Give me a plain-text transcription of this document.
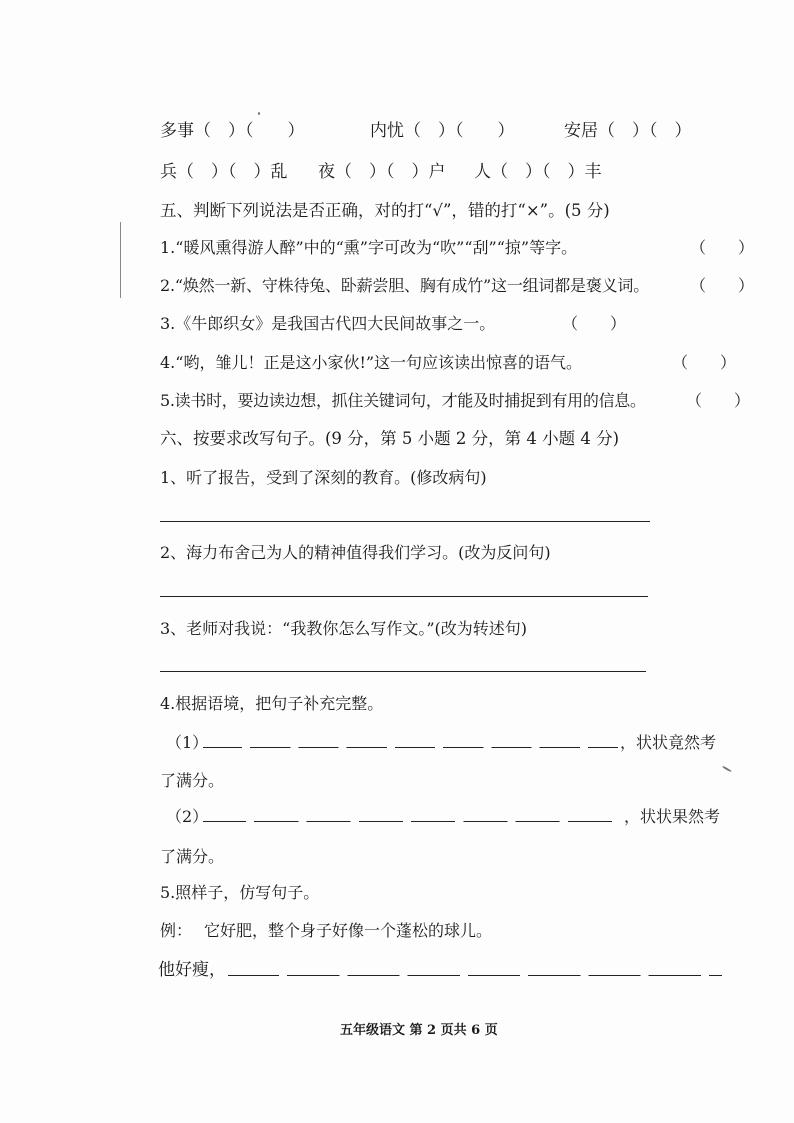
多事（　）（　　）	内忧（　）（　　）	安居（　）（　）
兵（　）（　）乱 夜（　）（　）户 人（　）（　）丰
五、判断下列说法是否正确，对的打“√”，错的打“×”。(5 分)
1.“暖风熏得游人醉”中的“熏”字可改为“吹”“刮”“掠”等字。	（　　）
2.“焕然一新、守株待兔、卧薪尝胆、胸有成竹”这一组词都是褒义词。	（　　）
3.《牛郎织女》是我国古代四大民间故事之一。	（　　）
4.“哟，雏儿！正是这小家伙!”这一句应该读出惊喜的语气。	（　　）
5.读书时，要边读边想，抓住关键词句，才能及时捕捉到有用的信息。	（　　）
六、按要求改写句子。(9 分，第 5 小题 2 分，第 4 小题 4 分)
1、听了报告，受到了深刻的教育。(修改病句)
2、海力布舍己为人的精神值得我们学习。(改为反问句)
3、老师对我说：“我教你怎么写作文。”(改为转述句)
4.根据语境，把句子补充完整。
（1）	，状状竟然考
了满分。
（2）	，状状果然考
了满分。
5.照样子，仿写句子。
例： 它好肥，整个身子好像一个蓬松的球儿。
他好瘦，
五年级语文 第 2 页共 6 页
